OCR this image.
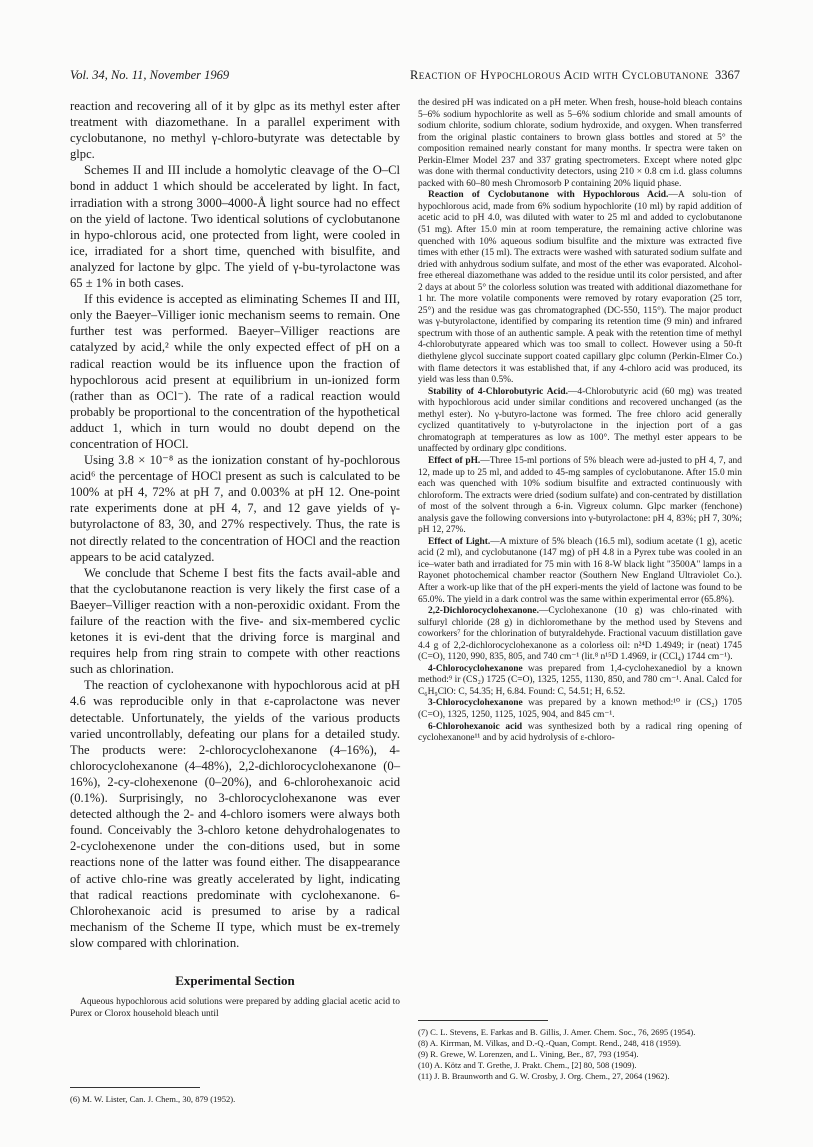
Vol. 34, No. 11, November 1969	Reaction of Hypochlorous Acid with Cyclobutanone 3367

reaction and recovering all of it by glpc as its methyl ester after treatment with diazomethane. In a parallel experiment with cyclobutanone, no methyl γ-chloro-butyrate was detectable by glpc.

Schemes II and III include a homolytic cleavage of the O–Cl bond in adduct 1 which should be accelerated by light. In fact, irradiation with a strong 3000–4000-Å light source had no effect on the yield of lactone. Two identical solutions of cyclobutanone in hypo-chlorous acid, one protected from light, were cooled in ice, irradiated for a short time, quenched with bisulfite, and analyzed for lactone by glpc. The yield of γ-bu-tyrolactone was 65 ± 1% in both cases.

If this evidence is accepted as eliminating Schemes II and III, only the Baeyer–Villiger ionic mechanism seems to remain. One further test was performed. Baeyer–Villiger reactions are catalyzed by acid,² while the only expected effect of pH on a radical reaction would be its influence upon the fraction of hypochlorous acid present at equilibrium in un-ionized form (rather than as OCl⁻). The rate of a radical reaction would probably be proportional to the concentration of the hypothetical adduct 1, which in turn would no doubt depend on the concentration of HOCl.

Using 3.8 × 10⁻⁸ as the ionization constant of hy-pochlorous acid⁶ the percentage of HOCl present as such is calculated to be 100% at pH 4, 72% at pH 7, and 0.003% at pH 12. One-point rate experiments done at pH 4, 7, and 12 gave yields of γ-butyrolactone of 83, 30, and 27% respectively. Thus, the rate is not directly related to the concentration of HOCl and the reaction appears to be acid catalyzed.

We conclude that Scheme I best fits the facts avail-able and that the cyclobutanone reaction is very likely the first case of a Baeyer–Villiger reaction with a non-peroxidic oxidant. From the failure of the reaction with the five- and six-membered cyclic ketones it is evi-dent that the driving force is marginal and requires help from ring strain to compete with other reactions such as chlorination.

The reaction of cyclohexanone with hypochlorous acid at pH 4.6 was reproducible only in that ε-caprolactone was never detectable. Unfortunately, the yields of the various products varied uncontrollably, defeating our plans for a detailed study. The products were: 2-chlorocyclohexanone (4–16%), 4-chlorocyclohexanone (4–48%), 2,2-dichlorocyclohexanone (0–16%), 2-cy-clohexenone (0–20%), and 6-chlorohexanoic acid (0.1%). Surprisingly, no 3-chlorocyclohexanone was ever detected although the 2- and 4-chloro isomers were always both found. Conceivably the 3-chloro ketone dehydrohalogenates to 2-cyclohexenone under the con-ditions used, but in some reactions none of the latter was found either. The disappearance of active chlo-rine was greatly accelerated by light, indicating that radical reactions predominate with cyclohexanone. 6-Chlorohexanoic acid is presumed to arise by a radical mechanism of the Scheme II type, which must be ex-tremely slow compared with chlorination.

Experimental Section

Aqueous hypochlorous acid solutions were prepared by adding glacial acetic acid to Purex or Clorox household bleach until

(6) M. W. Lister, Can. J. Chem., 30, 879 (1952).

the desired pH was indicated on a pH meter. When fresh, house-hold bleach contains 5–6% sodium hypochlorite as well as 5–6% sodium chloride and small amounts of sodium chlorite, sodium chlorate, sodium hydroxide, and oxygen. When transferred from the original plastic containers to brown glass bottles and stored at 5° the composition remained nearly constant for many months. Ir spectra were taken on Perkin-Elmer Model 237 and 337 grating spectrometers. Except where noted glpc was done with thermal conductivity detectors, using 210 × 0.8 cm i.d. glass columns packed with 60–80 mesh Chromosorb P containing 20% liquid phase.

Reaction of Cyclobutanone with Hypochlorous Acid.—A solu-tion of hypochlorous acid, made from 6% sodium hypochlorite (10 ml) by rapid addition of acetic acid to pH 4.0, was diluted with water to 25 ml and added to cyclobutanone (51 mg). After 15.0 min at room temperature, the remaining active chlorine was quenched with 10% aqueous sodium bisulfite and the mixture was extracted five times with ether (15 ml). The extracts were washed with saturated sodium sulfate and dried with anhydrous sodium sulfate, and most of the ether was evaporated. Alcohol-free ethereal diazomethane was added to the residue until its color persisted, and after 2 days at about 5° the colorless solution was treated with additional diazomethane for 1 hr. The more volatile components were removed by rotary evaporation (25 torr, 25°) and the residue was gas chromatographed (DC-550, 115°). The major product was γ-butyrolactone, identified by comparing its retention time (9 min) and infrared spectrum with those of an authentic sample. A peak with the retention time of methyl 4-chlorobutyrate appeared which was too small to collect. However using a 50-ft diethylene glycol succinate support coated capillary glpc column (Perkin-Elmer Co.) with flame detectors it was established that, if any 4-chloro acid was produced, its yield was less than 0.5%.

Stability of 4-Chlorobutyric Acid.—4-Chlorobutyric acid (60 mg) was treated with hypochlorous acid under similar conditions and recovered unchanged (as the methyl ester). No γ-butyro-lactone was formed. The free chloro acid generally cyclized quantitatively to γ-butyrolactone in the injection port of a gas chromatograph at temperatures as low as 100°. The methyl ester appears to be unaffected by ordinary glpc conditions.

Effect of pH.—Three 15-ml portions of 5% bleach were ad-justed to pH 4, 7, and 12, made up to 25 ml, and added to 45-mg samples of cyclobutanone. After 15.0 min each was quenched with 10% sodium bisulfite and extracted continuously with chloroform. The extracts were dried (sodium sulfate) and con-centrated by distillation of most of the solvent through a 6-in. Vigreux column. Glpc marker (fenchone) analysis gave the following conversions into γ-butyrolactone: pH 4, 83%; pH 7, 30%; pH 12, 27%.

Effect of Light.—A mixture of 5% bleach (16.5 ml), sodium acetate (1 g), acetic acid (2 ml), and cyclobutanone (147 mg) of pH 4.8 in a Pyrex tube was cooled in an ice–water bath and irradiated for 75 min with 16 8-W black light "3500A" lamps in a Rayonet photochemical chamber reactor (Southern New England Ultraviolet Co.). After a work-up like that of the pH experi-ments the yield of lactone was found to be 65.0%. The yield in a dark control was the same within experimental error (65.8%).

2,2-Dichlorocyclohexanone.—Cyclohexanone (10 g) was chlo-rinated with sulfuryl chloride (28 g) in dichloromethane by the method used by Stevens and coworkers⁷ for the chlorination of butyraldehyde. Fractional vacuum distillation gave 4.4 g of 2,2-dichlorocyclohexanone as a colorless oil: n²⁴D 1.4949; ir (neat) 1745 (C=O), 1120, 990, 835, 805, and 740 cm⁻¹ (lit.⁸ n¹⁵D 1.4969, ir (CCl₄) 1744 cm⁻¹).

4-Chlorocyclohexanone was prepared from 1,4-cyclohexanediol by a known method:⁹ ir (CS₂) 1725 (C=O), 1325, 1255, 1130, 850, and 780 cm⁻¹. Anal. Calcd for C₆H₉ClO: C, 54.35; H, 6.84. Found: C, 54.51; H, 6.52.

3-Chlorocyclohexanone was prepared by a known method:¹⁰ ir (CS₂) 1705 (C=O), 1325, 1250, 1125, 1025, 904, and 845 cm⁻¹.

6-Chlorohexanoic acid was synthesized both by a radical ring opening of cyclohexanone¹¹ and by acid hydrolysis of ε-chloro-

(7) C. L. Stevens, E. Farkas and B. Gillis, J. Amer. Chem. Soc., 76, 2695 (1954).

(8) A. Kirrman, M. Vilkas, and D.-Q.-Quan, Compt. Rend., 248, 418 (1959).

(9) R. Grewe, W. Lorenzen, and L. Vining, Ber., 87, 793 (1954).

(10) A. Kötz and T. Grethe, J. Prakt. Chem., [2] 80, 508 (1909).

(11) J. B. Braunworth and G. W. Crosby, J. Org. Chem., 27, 2064 (1962).
